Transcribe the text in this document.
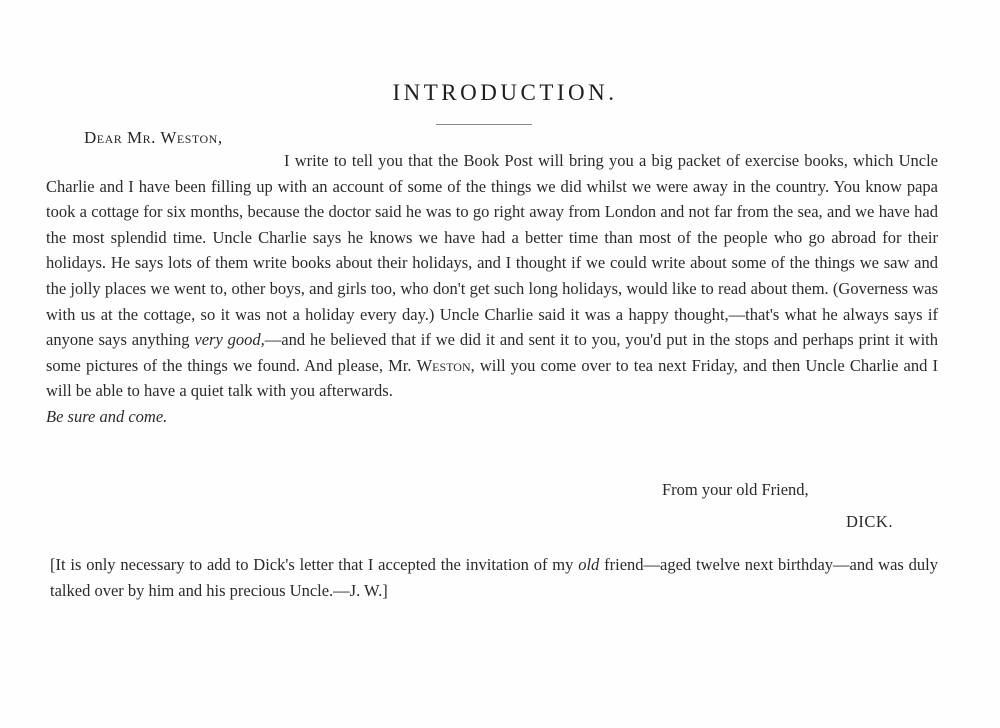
INTRODUCTION.
Dear Mr. Weston,
I write to tell you that the Book Post will bring you a big packet of exercise books, which Uncle Charlie and I have been filling up with an account of some of the things we did whilst we were away in the country. You know papa took a cottage for six months, because the doctor said he was to go right away from London and not far from the sea, and we have had the most splendid time. Uncle Charlie says he knows we have had a better time than most of the people who go abroad for their holidays. He says lots of them write books about their holidays, and I thought if we could write about some of the things we saw and the jolly places we went to, other boys, and girls too, who don't get such long holidays, would like to read about them. (Governess was with us at the cottage, so it was not a holiday every day.) Uncle Charlie said it was a happy thought,—that's what he always says if anyone says anything very good,—and he believed that if we did it and sent it to you, you'd put in the stops and perhaps print it with some pictures of the things we found. And please, Mr. Weston, will you come over to tea next Friday, and then Uncle Charlie and I will be able to have a quiet talk with you afterwards.
Be sure and come.
From your old Friend,
DICK.
[It is only necessary to add to Dick's letter that I accepted the invitation of my old friend—aged twelve next birthday—and was duly talked over by him and his precious Uncle.—J. W.]
